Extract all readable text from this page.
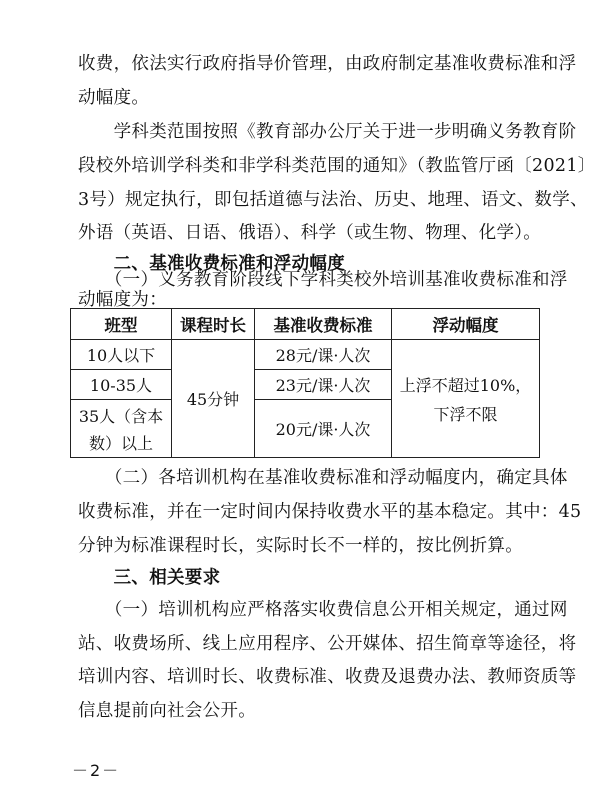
收费，依法实行政府指导价管理，由政府制定基准收费标准和浮
动幅度。
　　学科类范围按照《教育部办公厅关于进一步明确义务教育阶
段校外培训学科类和非学科类范围的通知》（教监管厅函〔2021〕
3号）规定执行，即包括道德与法治、历史、地理、语文、数学、
外语（英语、日语、俄语）、科学（或生物、物理、化学）。
　　二、基准收费标准和浮动幅度
　　（一）义务教育阶段线下学科类校外培训基准收费标准和浮
动幅度为：
班型	课程时长	基准收费标准	浮动幅度
10人以下	45分钟	28元/课·人次	上浮不超过10%，
下浮不限

10-35人		23元/课·人次	

35人（含本
数）以上		20元/课·人次	
　　（二）各培训机构在基准收费标准和浮动幅度内，确定具体
收费标准，并在一定时间内保持收费水平的基本稳定。其中：45
分钟为标准课程时长，实际时长不一样的，按比例折算。
　　三、相关要求
　　（一）培训机构应严格落实收费信息公开相关规定，通过网
站、收费场所、线上应用程序、公开媒体、招生简章等途径，将
培训内容、培训时长、收费标准、收费及退费办法、教师资质等
信息提前向社会公开。
－2－
